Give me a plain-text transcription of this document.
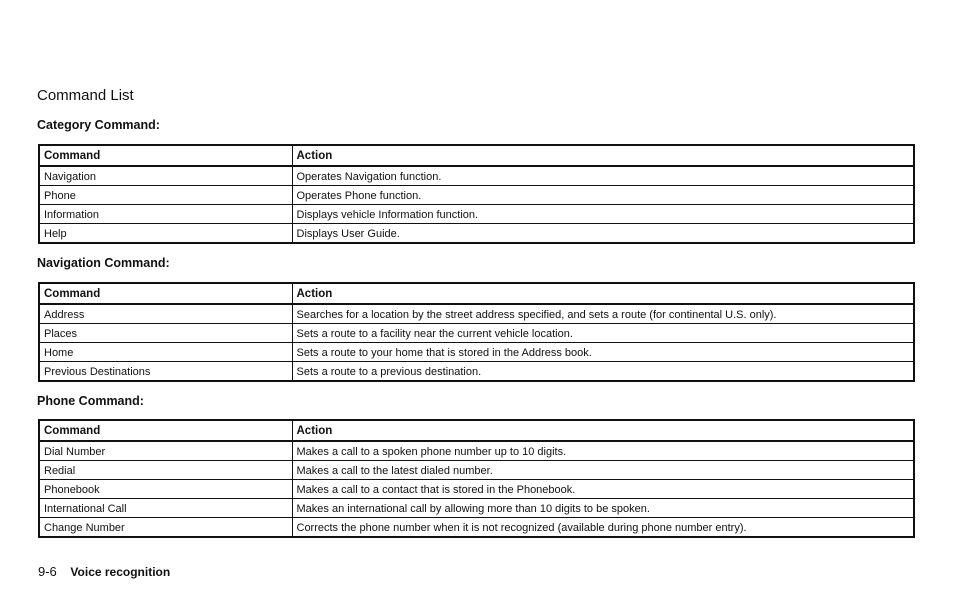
Command List
Category Command:
Command	Action
Navigation	Operates Navigation function.
Phone	Operates Phone function.
Information	Displays vehicle Information function.
Help	Displays User Guide.
Navigation Command:
Command	Action
Address	Searches for a location by the street address specified, and sets a route (for continental U.S. only).
Places	Sets a route to a facility near the current vehicle location.
Home	Sets a route to your home that is stored in the Address book.
Previous Destinations	Sets a route to a previous destination.
Phone Command:
Command	Action
Dial Number	Makes a call to a spoken phone number up to 10 digits.
Redial	Makes a call to the latest dialed number.
Phonebook	Makes a call to a contact that is stored in the Phonebook.
International Call	Makes an international call by allowing more than 10 digits to be spoken.
Change Number	Corrects the phone number when it is not recognized (available during phone number entry).
9-6 Voice recognition
